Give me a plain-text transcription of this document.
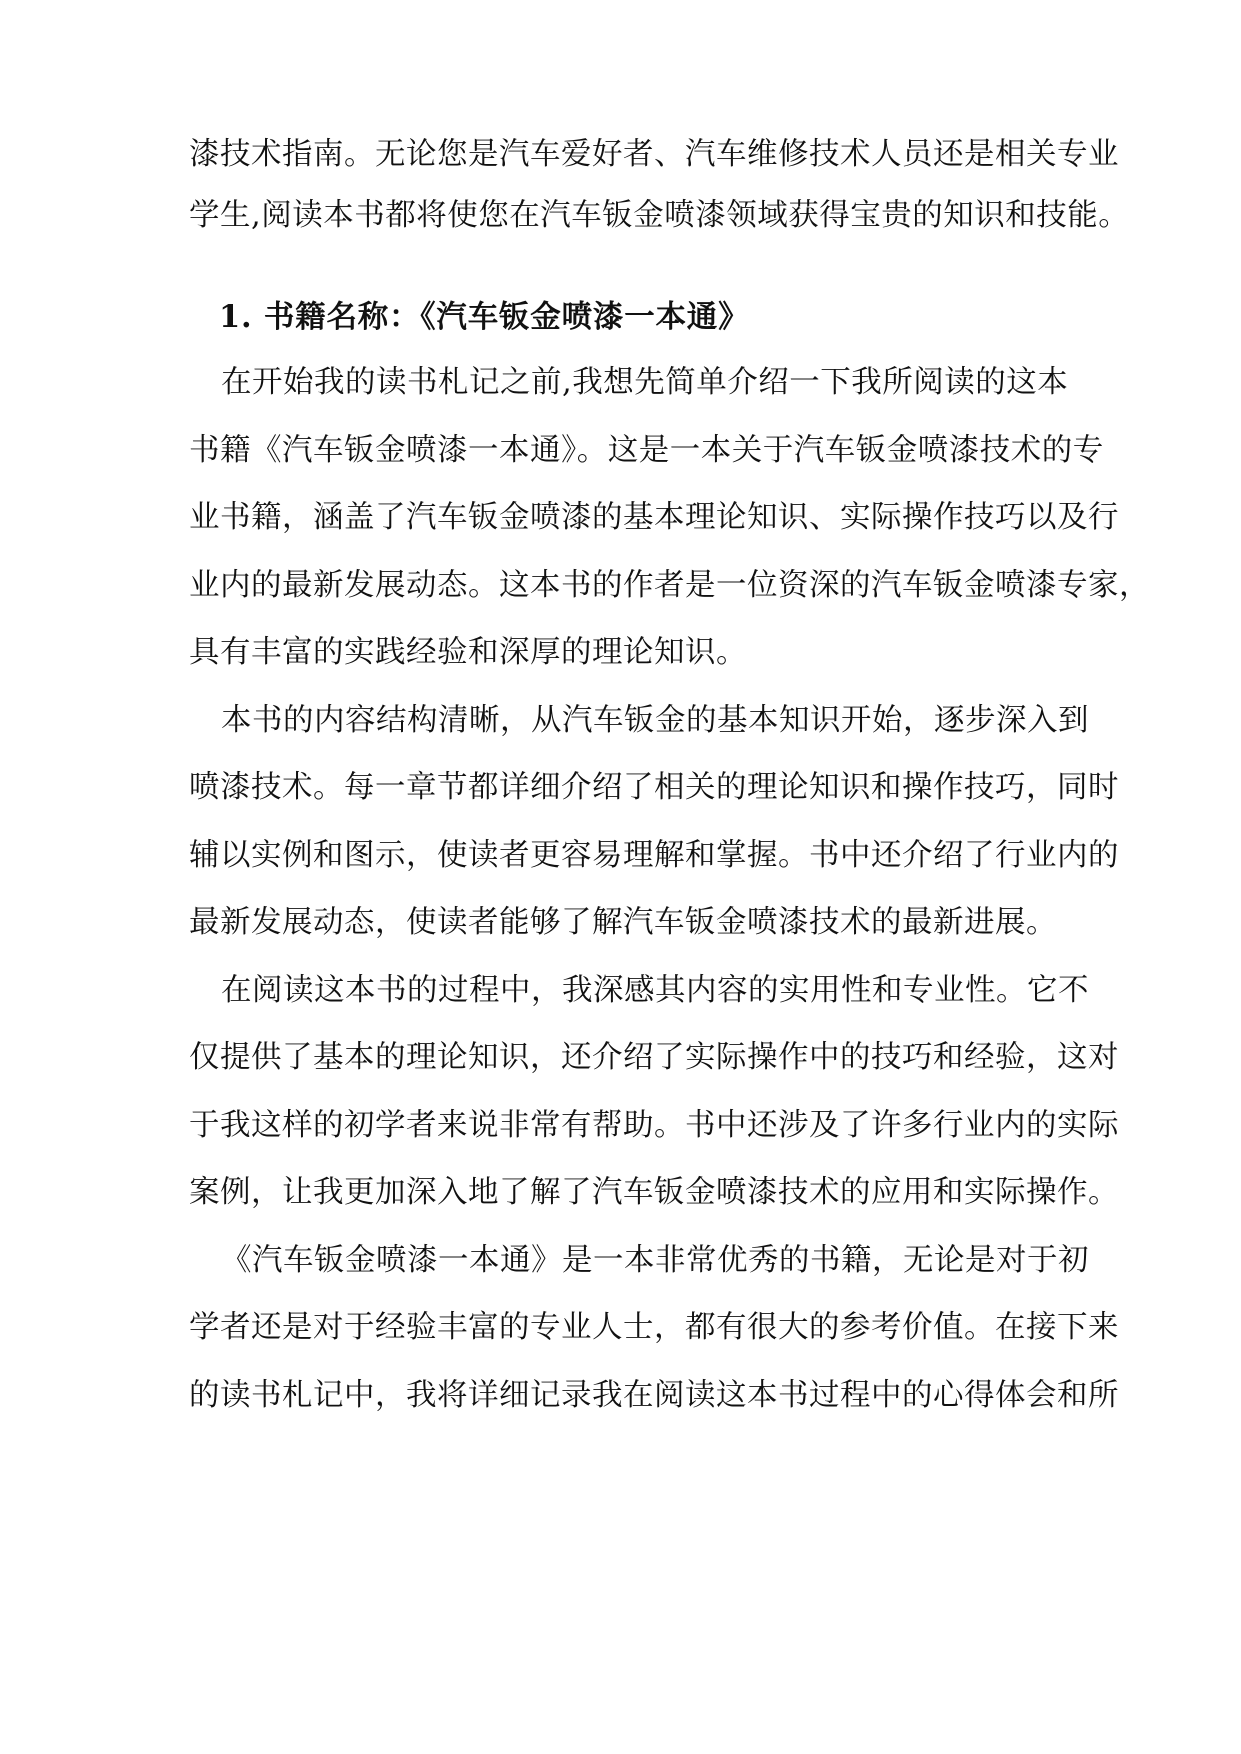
漆技术指南。无论您是汽车爱好者、汽车维修技术人员还是相关专业

学生,阅读本书都将使您在汽车钣金喷漆领域获得宝贵的知识和技能。

1. 书籍名称：《汽车钣金喷漆一本通》

在开始我的读书札记之前,我想先简单介绍一下我所阅读的这本

书籍《汽车钣金喷漆一本通》。这是一本关于汽车钣金喷漆技术的专

业书籍，涵盖了汽车钣金喷漆的基本理论知识、实际操作技巧以及行

业内的最新发展动态。这本书的作者是一位资深的汽车钣金喷漆专家，

具有丰富的实践经验和深厚的理论知识。

本书的内容结构清晰，从汽车钣金的基本知识开始，逐步深入到

喷漆技术。每一章节都详细介绍了相关的理论知识和操作技巧，同时

辅以实例和图示，使读者更容易理解和掌握。书中还介绍了行业内的

最新发展动态，使读者能够了解汽车钣金喷漆技术的最新进展。

在阅读这本书的过程中，我深感其内容的实用性和专业性。它不

仅提供了基本的理论知识，还介绍了实际操作中的技巧和经验，这对

于我这样的初学者来说非常有帮助。书中还涉及了许多行业内的实际

案例，让我更加深入地了解了汽车钣金喷漆技术的应用和实际操作。

《汽车钣金喷漆一本通》是一本非常优秀的书籍，无论是对于初

学者还是对于经验丰富的专业人士，都有很大的参考价值。在接下来

的读书札记中，我将详细记录我在阅读这本书过程中的心得体会和所
